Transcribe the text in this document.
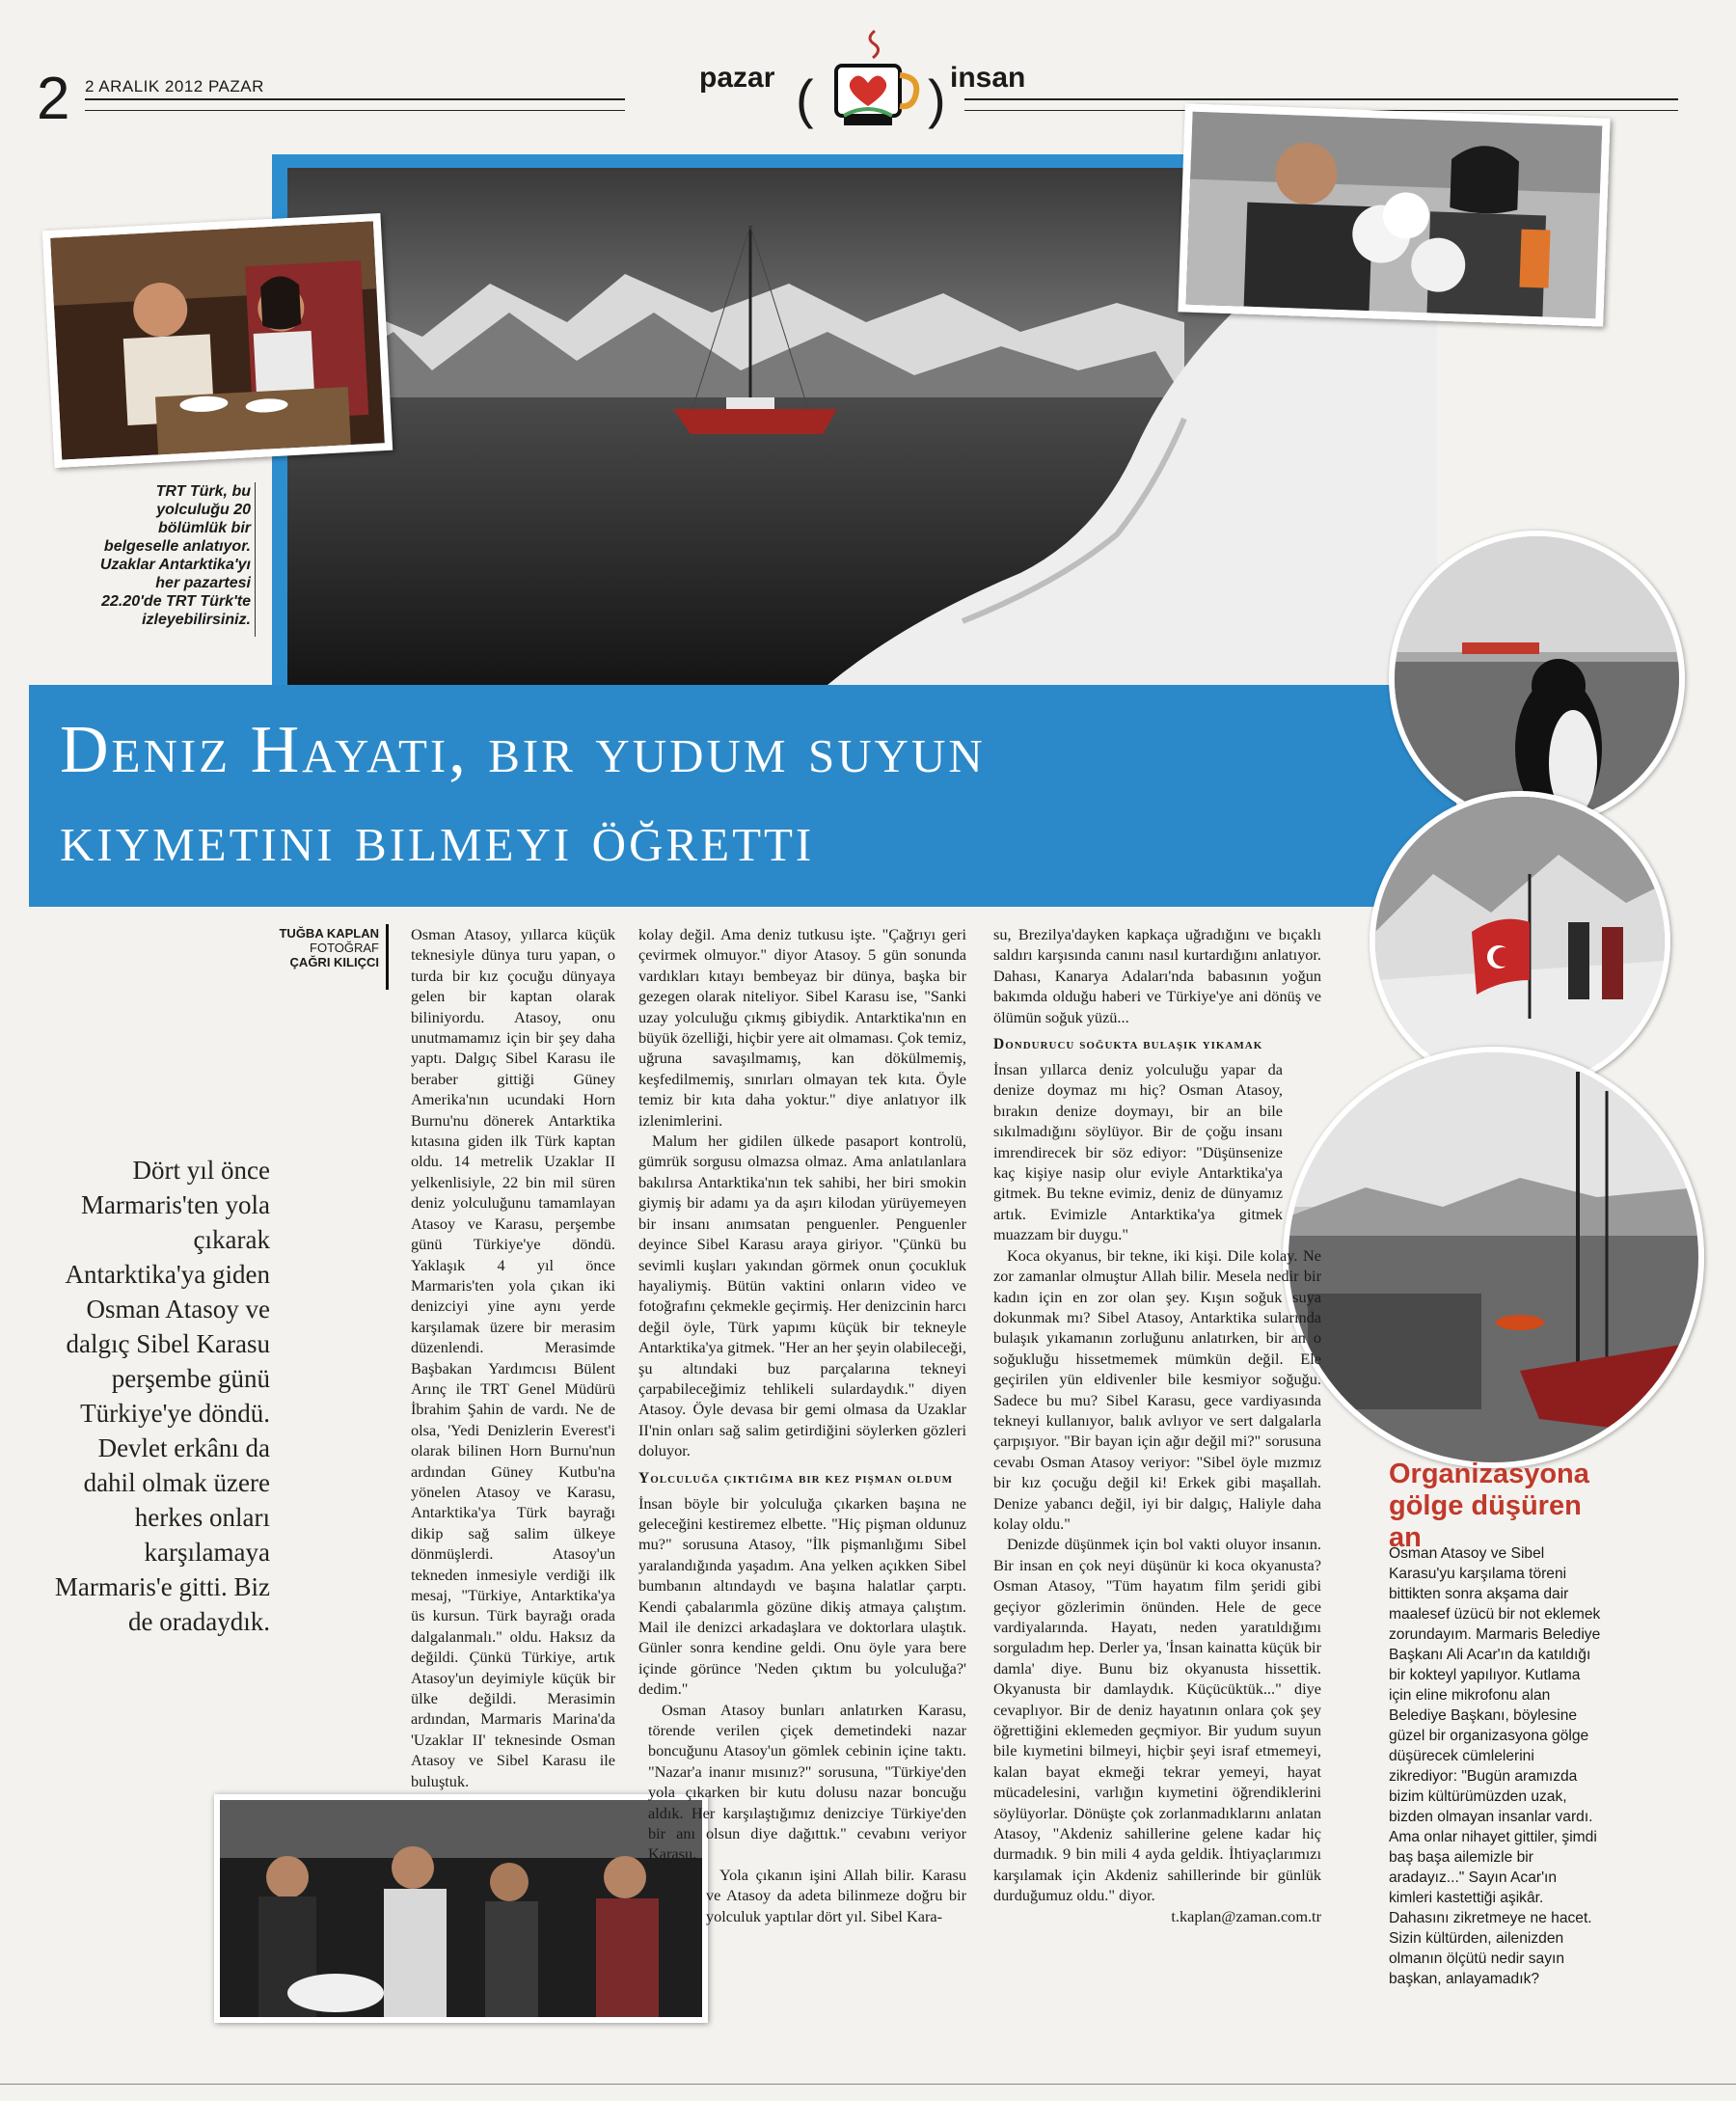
2 2 ARALIK 2012 PAZAR	pazar	insan
( )
TRT Türk, bu yolculuğu 20 bölümlük bir belgeselle anlatıyor. Uzaklar Antarktika'yı her pazartesi 22.20'de TRT Türk'te izleyebilirsiniz.
Deniz Hayatı, bir yudum suyun
kıymetini bilmeyi öğretti
TUĞBA KAPLAN
FOTOĞRAF
ÇAĞRI KILIÇCI
Dört yıl önce Marmaris'ten yola çıkarak Antarktika'ya giden Osman Atasoy ve dalgıç Sibel Karasu perşembe günü Türkiye'ye döndü. Devlet erkânı da dahil olmak üzere herkes onları karşılamaya Marmaris'e gitti. Biz de oradaydık.

Osman Atasoy, yıllarca küçük teknesiyle dünya turu yapan, o turda bir kız çocuğu dünyaya gelen bir kaptan olarak biliniyordu. Atasoy, onu unutmamamız için bir şey daha yaptı. Dalgıç Sibel Karasu ile beraber gittiği Güney Amerika'nın ucundaki Horn Burnu'nu dönerek Antarktika kıtasına giden ilk Türk kaptan oldu. 14 metrelik Uzaklar II yelkenlisiyle, 22 bin mil süren deniz yolculuğunu tamamlayan Atasoy ve Karasu, perşembe günü Türkiye'ye döndü. Yaklaşık 4 yıl önce Marmaris'ten yola çıkan iki denizciyi yine aynı yerde karşılamak üzere bir merasim düzenlendi. Merasimde Başbakan Yardımcısı Bülent Arınç ile TRT Genel Müdürü İbrahim Şahin de vardı. Ne de olsa, 'Yedi Denizlerin Everest'i olarak bilinen Horn Burnu'nun ardından Güney Kutbu'na yönelen Atasoy ve Karasu, Antarktika'ya Türk bayrağı dikip sağ salim ülkeye dönmüşlerdi. Atasoy'un tekneden inmesiyle verdiği ilk mesaj, "Türkiye, Antarktika'ya üs kursun. Türk bayrağı orada dalgalanmalı." oldu. Haksız da değildi. Çünkü Türkiye, artık Atasoy'un deyimiyle küçük bir ülke değildi. Merasimin ardından, Marmaris Marina'da 'Uzaklar II' teknesinde Osman Atasoy ve Sibel Karasu ile buluştuk.

kolay değil. Ama deniz tutkusu işte. "Çağrıyı geri çevirmek olmuyor." diyor Atasoy. 5 gün sonunda vardıkları kıtayı bembeyaz bir dünya, başka bir gezegen olarak niteliyor. Sibel Karasu ise, "Sanki uzay yolculuğu çıkmış gibiydik. Antarktika'nın en büyük özelliği, hiçbir yere ait olmaması. Çok temiz, uğruna savaşılmamış, kan dökülmemiş, keşfedilmemiş, sınırları olmayan tek kıta. Öyle temiz bir kıta daha yoktur." diye anlatıyor ilk izlenimlerini.

Malum her gidilen ülkede pasaport kontrolü, gümrük sorgusu olmazsa olmaz. Ama anlatılanlara bakılırsa Antarktika'nın tek sahibi, her biri smokin giymiş bir adamı ya da aşırı kilodan yürüyemeyen bir insanı anımsatan penguenler. Penguenler deyince Sibel Karasu araya giriyor. "Çünkü bu sevimli kuşları yakından görmek onun çocukluk hayaliymiş. Bütün vaktini onların video ve fotoğrafını çekmekle geçirmiş. Her denizcinin harcı değil öyle, Türk yapımı küçük bir tekneyle Antarktika'ya gitmek. "Her an her şeyin olabileceği, şu altındaki buz parçalarına tekneyi çarpabileceğimiz tehlikeli sulardaydık." diyen Atasoy. Öyle devasa bir gemi olmasa da Uzaklar II'nin onları sağ salim getirdiğini söylerken gözleri doluyor.

Yolculuğa çıktığıma bir kez pişman oldum

İnsan böyle bir yolculuğa çıkarken başına ne geleceğini kestiremez elbette. "Hiç pişman oldunuz mu?" sorusuna Atasoy, "İlk pişmanlığımı Sibel yaralandığında yaşadım. Ana yelken açıkken Sibel bumbanın altındaydı ve başına halatlar çarptı. Kendi çabalarımla gözüne dikiş atmaya çalıştım. Mail ile denizci arkadaşlara ve doktorlara ulaştık. Günler sonra kendine geldi. Onu öyle yara bere içinde görünce 'Neden çıktım bu yolculuğa?' dedim."

Osman Atasoy bunları anlatırken Karasu, törende verilen çiçek demetindeki nazar boncuğunu Atasoy'un gömlek cebinin içine taktı. "Nazar'a inanır mısınız?" sorusuna, "Türkiye'den yola çıkarken bir kutu dolusu nazar boncuğu aldık. Her karşılaştığımız denizciye Türkiye'den bir anı olsun diye dağıttık." cevabını veriyor Karasu.

Yola çıkanın işini Allah bilir. Karasu ve Atasoy da adeta bilinmeze doğru bir yolculuk yaptılar dört yıl. Sibel Kara-

su, Brezilya'dayken kapkaça uğradığını ve bıçaklı saldırı karşısında canını nasıl kurtardığını anlatıyor. Dahası, Kanarya Adaları'nda babasının yoğun bakımda olduğu haberi ve Türkiye'ye ani dönüş ve ölümün soğuk yüzü...

Dondurucu soğukta bulaşık yıkamak

İnsan yıllarca deniz yolculuğu yapar da denize doymaz mı hiç? Osman Atasoy, bırakın denize doymayı, bir an bile sıkılmadığını söylüyor. Bir de çoğu insanı imrendirecek bir söz ediyor: "Düşünsenize kaç kişiye nasip olur eviyle Antarktika'ya gitmek. Bu tekne evimiz, deniz de dünyamız artık. Evimizle Antarktika'ya gitmek muazzam bir duygu."

Koca okyanus, bir tekne, iki kişi. Dile kolay. Ne zor zamanlar olmuştur Allah bilir. Mesela nedir bir kadın için en zor olan şey. Kışın soğuk suya dokunmak mı? Sibel Atasoy, Antarktika sularında bulaşık yıkamanın zorluğunu anlatırken, bir an o soğukluğu hissetmemek mümkün değil. Ele geçirilen yün eldivenler bile kesmiyor soğuğu. Sadece bu mu? Sibel Karasu, gece vardiyasında tekneyi kullanıyor, balık avlıyor ve sert dalgalarla çarpışıyor. "Bir bayan için ağır değil mi?" sorusuna cevabı Osman Atasoy veriyor: "Sibel öyle mızmız bir kız çocuğu değil ki! Erkek gibi maşallah. Denize yabancı değil, iyi bir dalgıç, Haliyle daha kolay oldu."

Denizde düşünmek için bol vakti oluyor insanın. Bir insan en çok neyi düşünür ki koca okyanusta? Osman Atasoy, "Tüm hayatım film şeridi gibi geçiyor gözlerimin önünden. Hele de gece vardiyalarında. Hayatı, neden yaratıldığımı sorguladım hep. Derler ya, 'İnsan kainatta küçük bir damla' diye. Bunu biz okyanusta hissettik. Okyanusta bir damlaydık. Küçücüktük..." diye cevaplıyor. Bir de deniz hayatının onlara çok şey öğrettiğini eklemeden geçmiyor. Bir yudum suyun bile kıymetini bilmeyi, hiçbir şeyi israf etmemeyi, kalan bayat ekmeği tekrar yemeyi, hayat mücadelesini, varlığın kıymetini öğrendiklerini söylüyorlar. Dönüşte çok zorlanmadıklarını anlatan Atasoy, "Akdeniz sahillerine gelene kadar hiç durmadık. 9 bin mili 4 ayda geldik. İhtiyaçlarımızı karşılamak için Akdeniz sahillerinde bir günlük durduğumuz oldu." diyor.

t.kaplan@zaman.com.tr

Organizasyona gölge düşüren an
Osman Atasoy ve Sibel Karasu'yu karşılama töreni bittikten sonra akşama dair maalesef üzücü bir not eklemek zorundayım. Marmaris Belediye Başkanı Ali Acar'ın da katıldığı bir kokteyl yapılıyor. Kutlama için eline mikrofonu alan Belediye Başkanı, böylesine güzel bir organizasyona gölge düşürecek cümlelerini zikrediyor: "Bugün aramızda bizim kültürümüzden uzak, bizden olmayan insanlar vardı. Ama onlar nihayet gittiler, şimdi baş başa ailemizle bir aradayız..." Sayın Acar'ın kimleri kastettiği aşikâr. Dahasını zikretmeye ne hacet. Sizin kültürden, ailenizden olmanın ölçütü nedir sayın başkan, anlayamadık?
